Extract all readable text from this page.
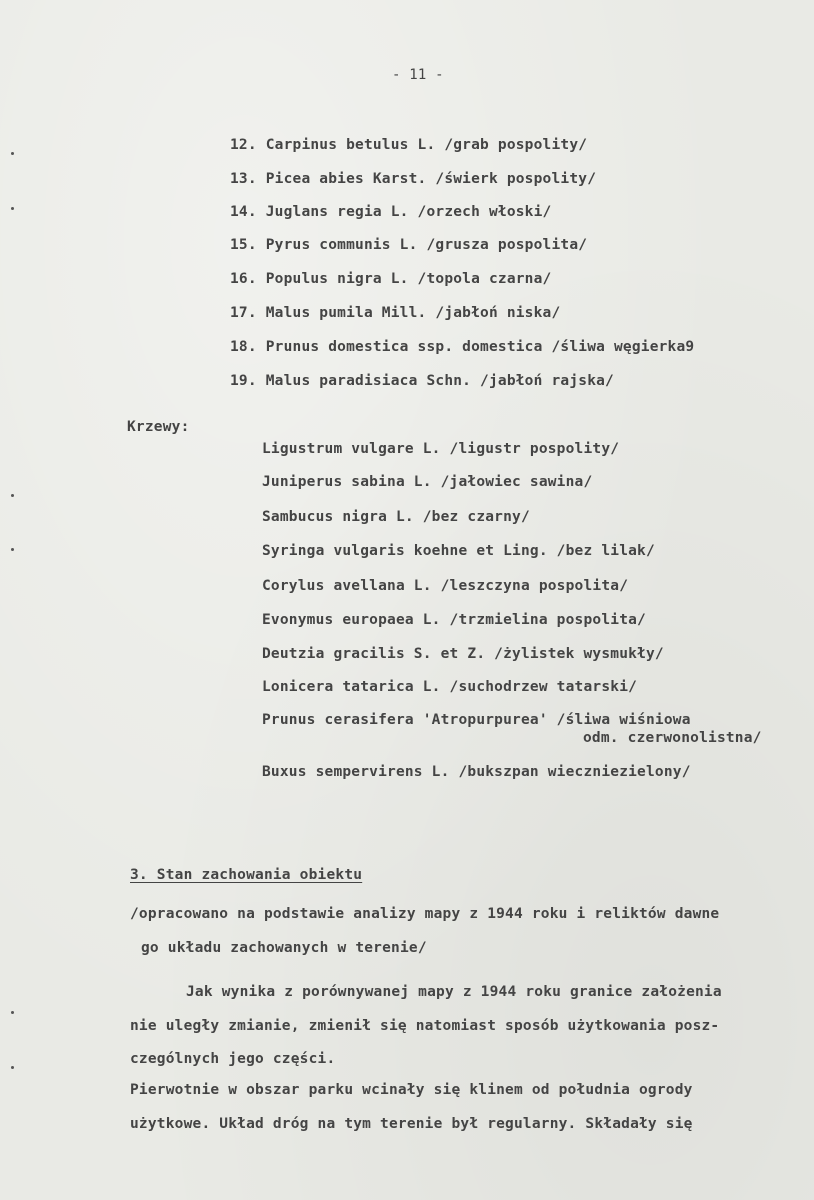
- 11 -
12. Carpinus betulus L. /grab pospolity/
13. Picea abies Karst. /świerk pospolity/
14. Juglans regia L. /orzech włoski/
15. Pyrus communis L. /grusza pospolita/
16. Populus nigra L. /topola czarna/
17. Malus pumila Mill. /jabłoń niska/
18. Prunus domestica ssp. domestica /śliwa węgierka9
19. Malus paradisiaca Schn. /jabłoń rajska/
Krzewy:
Ligustrum vulgare L. /ligustr pospolity/
Juniperus sabina L. /jałowiec sawina/
Sambucus nigra L. /bez czarny/
Syringa vulgaris koehne et Ling. /bez lilak/
Corylus avellana L. /leszczyna pospolita/
Evonymus europaea L. /trzmielina pospolita/
Deutzia gracilis S. et Z. /żylistek wysmukły/
Lonicera tatarica L. /suchodrzew tatarski/
Prunus cerasifera 'Atropurpurea' /śliwa wiśniowa
odm. czerwonolistna/
Buxus sempervirens L. /bukszpan wieczniezielony/
3. Stan zachowania obiektu
/opracowano na podstawie analizy mapy z 1944 roku i reliktów dawne
go układu zachowanych w terenie/
Jak wynika z porównywanej mapy z 1944 roku granice założenia
nie uległy zmianie, zmienił się natomiast sposób użytkowania posz-
czególnych jego części.
Pierwotnie w obszar parku wcinały się klinem od południa ogrody
użytkowe. Układ dróg na tym terenie był regularny. Składały się
